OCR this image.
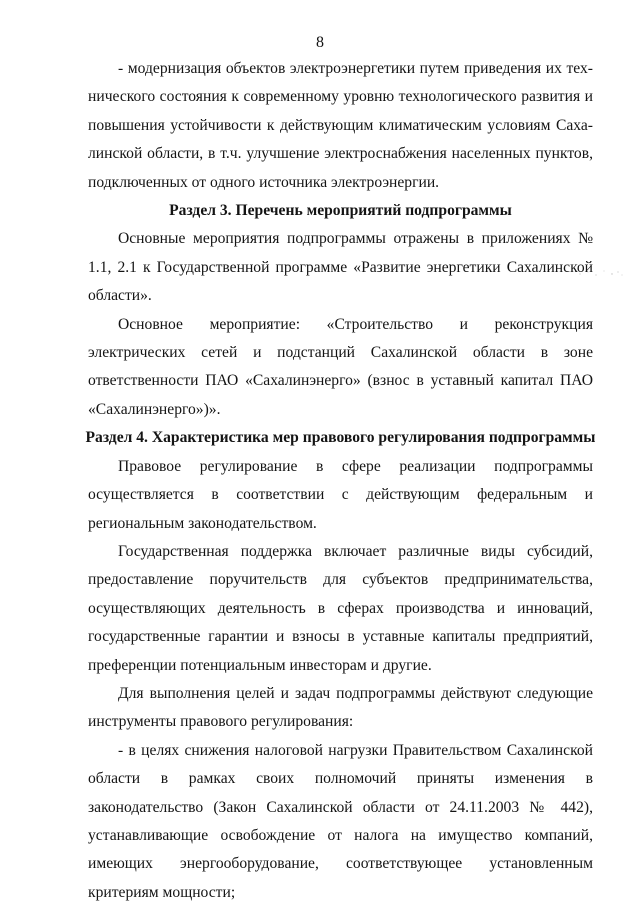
8

- модернизация объектов электроэнергетики путем приведения их технического состояния к современному уровню технологического развития и повышения устойчивости к действующим климатическим условиям Сахалинской области, в т.ч. улучшение электроснабжения населенных пунктов, подключенных от одного источника электроэнергии.

Раздел 3. Перечень мероприятий подпрограммы

Основные мероприятия подпрограммы отражены в приложениях № 1.1, 2.1 к Государственной программе «Развитие энергетики Сахалинской области».

Основное мероприятие: «Строительство и реконструкция электрических сетей и подстанций Сахалинской области в зоне ответственности ПАО «Сахалинэнерго» (взнос в уставный капитал ПАО «Сахалинэнерго»)».

Раздел 4. Характеристика мер правового регулирования подпрограммы

Правовое регулирование в сфере реализации подпрограммы осуществляется в соответствии с действующим федеральным и региональным законодательством.

Государственная поддержка включает различные виды субсидий, предоставление поручительств для субъектов предпринимательства, осуществляющих деятельность в сферах производства и инноваций, государственные гарантии и взносы в уставные капиталы предприятий, преференции потенциальным инвесторам и другие.

Для выполнения целей и задач подпрограммы действуют следующие инструменты правового регулирования:

- в целях снижения налоговой нагрузки Правительством Сахалинской области в рамках своих полномочий приняты изменения в законодательство (Закон Сахалинской области от 24.11.2003 № 442), устанавливающие освобождение от налога на имущество компаний, имеющих энергооборудование, соответствующее установленным критериям мощности;
